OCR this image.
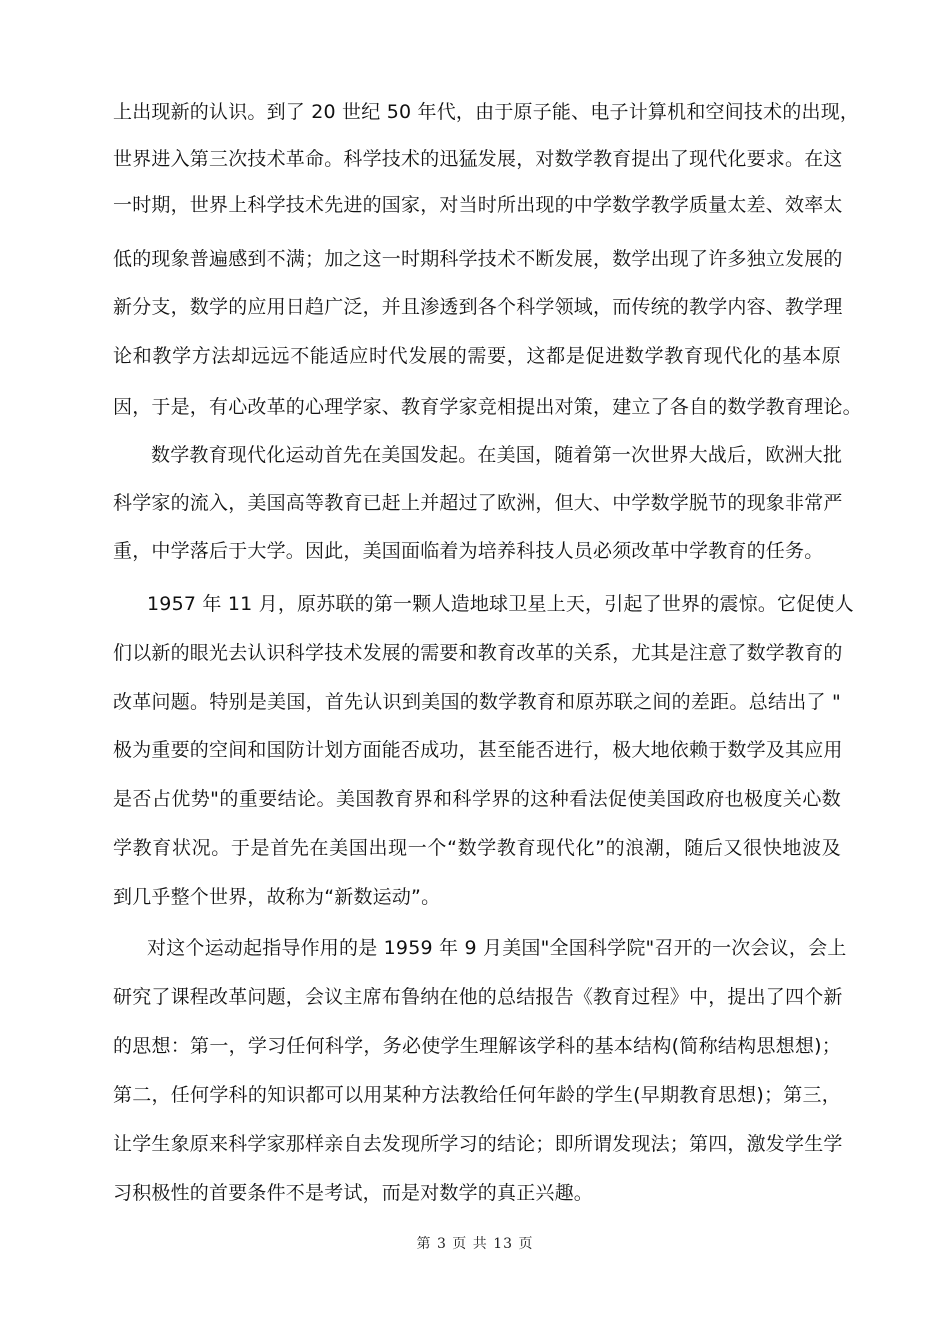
上出现新的认识。到了 20 世纪 50 年代，由于原子能、电子计算机和空间技术的出现，
世界进入第三次技术革命。科学技术的迅猛发展，对数学教育提出了现代化要求。在这
一时期，世界上科学技术先进的国家，对当时所出现的中学数学教学质量太差、效率太
低的现象普遍感到不满；加之这一时期科学技术不断发展，数学出现了许多独立发展的
新分支，数学的应用日趋广泛，并且渗透到各个科学领域，而传统的教学内容、教学理
论和教学方法却远远不能适应时代发展的需要，这都是促进数学教育现代化的基本原
因，于是，有心改革的心理学家、教育学家竞相提出对策，建立了各自的数学教育理论。
数学教育现代化运动首先在美国发起。在美国，随着第一次世界大战后，欧洲大批
科学家的流入，美国高等教育已赶上并超过了欧洲，但大、中学数学脱节的现象非常严
重，中学落后于大学。因此，美国面临着为培养科技人员必须改革中学教育的任务。
1957 年 11 月，原苏联的第一颗人造地球卫星上天，引起了世界的震惊。它促使人
们以新的眼光去认识科学技术发展的需要和教育改革的关系，尤其是注意了数学教育的
改革问题。特别是美国，首先认识到美国的数学教育和原苏联之间的差距。总结出了 "
极为重要的空间和国防计划方面能否成功，甚至能否进行，极大地依赖于数学及其应用
是否占优势"的重要结论。美国教育界和科学界的这种看法促使美国政府也极度关心数
学教育状况。于是首先在美国出现一个“数学教育现代化”的浪潮，随后又很快地波及
到几乎整个世界，故称为“新数运动”。
对这个运动起指导作用的是 1959 年 9 月美国"全国科学院"召开的一次会议，会上
研究了课程改革问题，会议主席布鲁纳在他的总结报告《教育过程》中，提出了四个新
的思想：第一，学习任何科学，务必使学生理解该学科的基本结构(简称结构思想想)；
第二，任何学科的知识都可以用某种方法教给任何年龄的学生(早期教育思想)；第三，
让学生象原来科学家那样亲自去发现所学习的结论；即所谓发现法；第四，激发学生学
习积极性的首要条件不是考试，而是对数学的真正兴趣。
第 3 页 共 13 页
